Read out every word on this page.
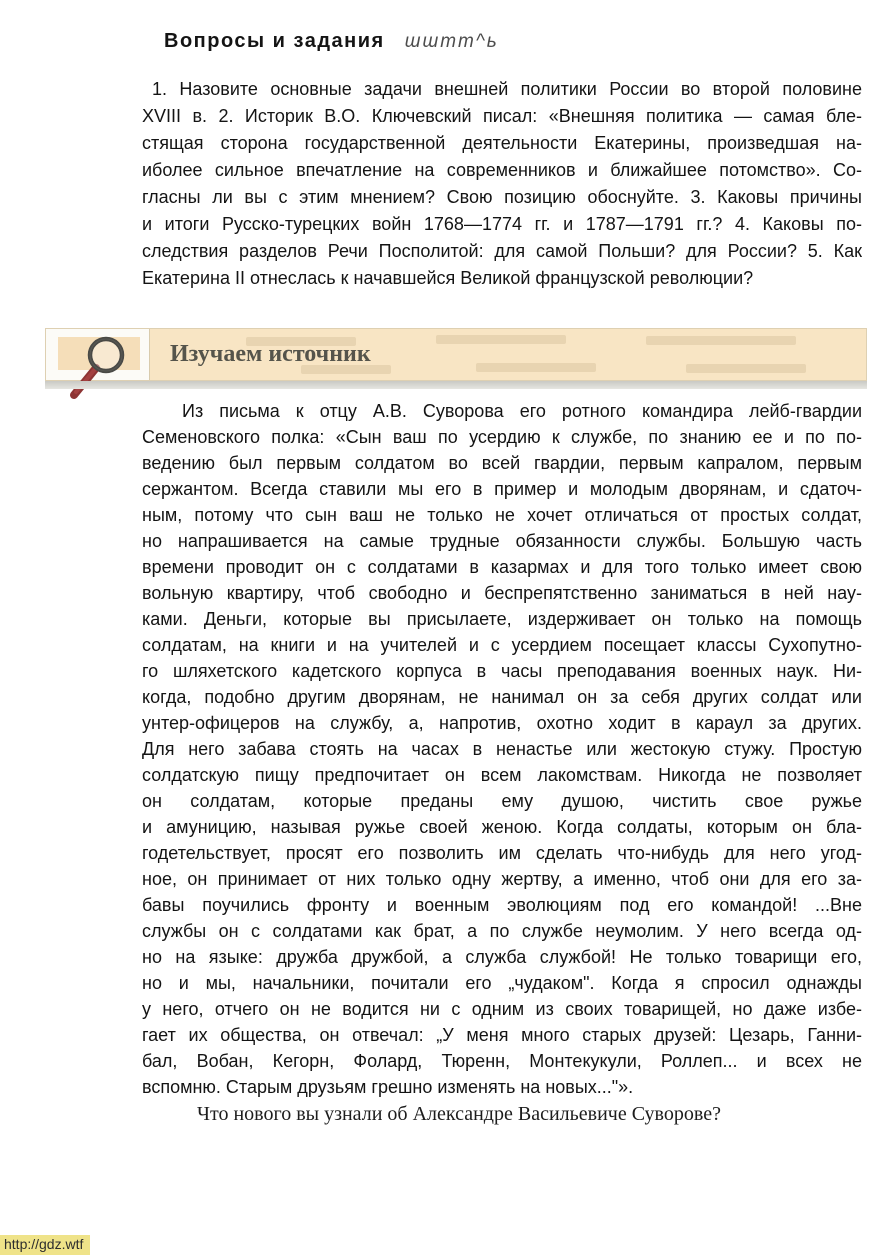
Вопросы и задания шштт^ь
1. Назовите основные задачи внешней политики России во второй половине
XVIII в. 2. Историк В.О. Ключевский писал: «Внешняя политика — самая бле-
стящая сторона государственной деятельности Екатерины, произведшая на-
иболее сильное впечатление на современников и ближайшее потомство». Со-
гласны ли вы с этим мнением? Свою позицию обоснуйте. 3. Каковы причины
и итоги Русско-турецких войн 1768—1774 гг. и 1787—1791 гг.? 4. Каковы по-
следствия разделов Речи Посполитой: для самой Польши? для России? 5. Как
Екатерина II отнеслась к начавшейся Великой французской революции?
Изучаем источник
Из письма к отцу А.В. Суворова его ротного командира лейб-гвардии
Семеновского полка: «Сын ваш по усердию к службе, по знанию ее и по по-
ведению был первым солдатом во всей гвардии, первым капралом, первым
сержантом. Всегда ставили мы его в пример и молодым дворянам, и сдаточ-
ным, потому что сын ваш не только не хочет отличаться от простых солдат,
но напрашивается на самые трудные обязанности службы. Большую часть
времени проводит он с солдатами в казармах и для того только имеет свою
вольную квартиру, чтоб свободно и беспрепятственно заниматься в ней нау-
ками. Деньги, которые вы присылаете, издерживает он только на помощь
солдатам, на книги и на учителей и с усердием посещает классы Сухопутно-
го шляхетского кадетского корпуса в часы преподавания военных наук. Ни-
когда, подобно другим дворянам, не нанимал он за себя других солдат или
унтер-офицеров на службу, а, напротив, охотно ходит в караул за других.
Для него забава стоять на часах в ненастье или жестокую стужу. Простую
солдатскую пищу предпочитает он всем лакомствам. Никогда не позволяет
он солдатам, которые преданы ему душою, чистить свое ружье
и амуницию, называя ружье своей женою. Когда солдаты, которым он бла-
годетельствует, просят его позволить им сделать что-нибудь для него угод-
ное, он принимает от них только одну жертву, а именно, чтоб они для его за-
бавы поучились фронту и военным эволюциям под его командой! ...Вне
службы он с солдатами как брат, а по службе неумолим. У него всегда од-
но на языке: дружба дружбой, а служба службой! Не только товарищи его,
но и мы, начальники, почитали его „чудаком". Когда я спросил однажды
у него, отчего он не водится ни с одним из своих товарищей, но даже избе-
гает их общества, он отвечал: „У меня много старых друзей: Цезарь, Ганни-
бал, Вобан, Кегорн, Фолард, Тюренн, Монтекукули, Роллеп... и всех не
вспомню. Старым друзьям грешно изменять на новых..."».
Что нового вы узнали об Александре Васильевиче Суворове?
http://gdz.wtf
